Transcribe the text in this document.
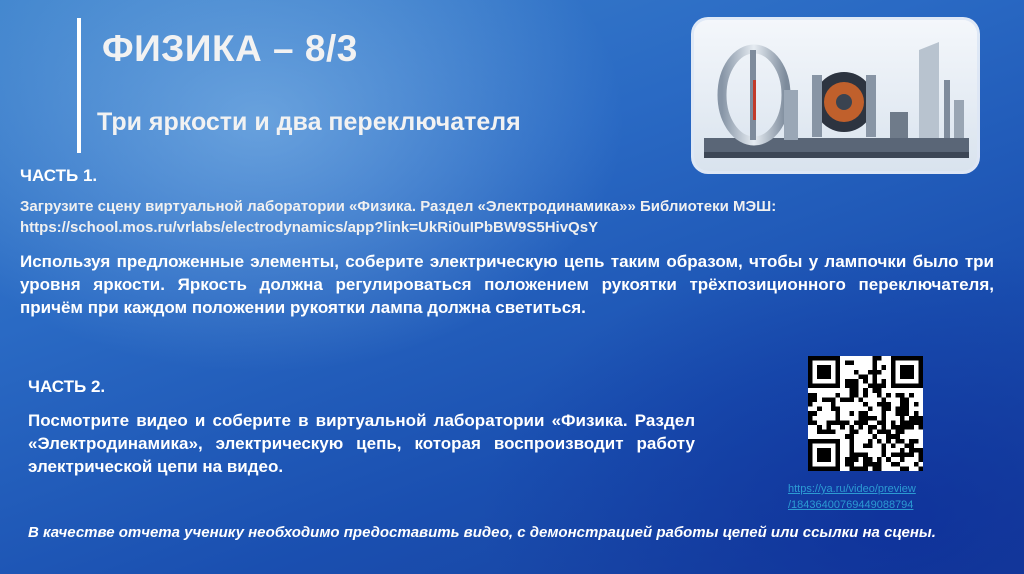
ФИЗИКА – 8/3
Три яркости и два переключателя
ЧАСТЬ 1.
Загрузите сцену виртуальной лаборатории «Физика. Раздел «Электродинамика»» Библиотеки МЭШ:
https://school.mos.ru/vrlabs/electrodynamics/app?link=UkRi0uIPbBW9S5HivQsY
Используя предложенные элементы, соберите электрическую цепь таким образом, чтобы у лампочки было три уровня яркости. Яркость должна регулироваться положением рукоятки трёхпозиционного переключателя, причём при каждом положении рукоятки лампа должна светиться.
ЧАСТЬ 2.
Посмотрите видео и соберите в виртуальной лаборатории «Физика. Раздел «Электродинамика», электрическую цепь, которая воспроизводит работу электрической цепи на видео.
https://ya.ru/video/preview
/18436400769449088794
В качестве отчета ученику необходимо предоставить видео, с демонстрацией работы цепей или ссылки на сцены.
